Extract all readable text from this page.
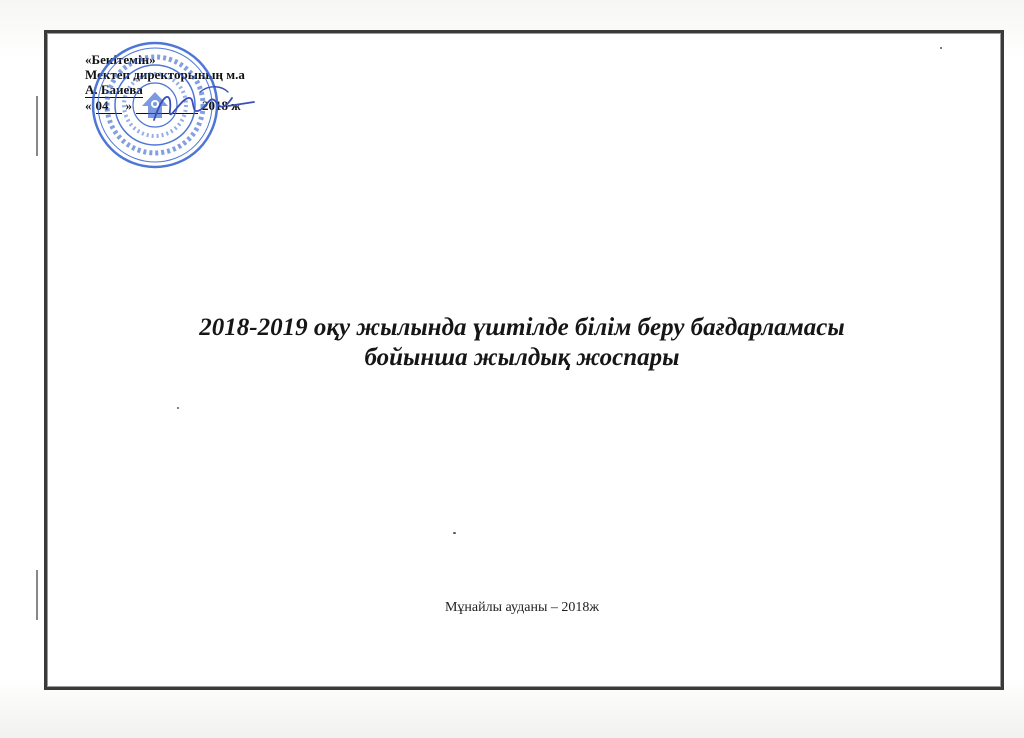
«Бекітемін»
Мектеп директорының м.а
А. Баиева
« 04	»	2018 ж
2018-2019 оқу жылында үштілде білім беру бағдарламасы
бойынша жылдық жоспары
Мұнайлы ауданы – 2018ж
